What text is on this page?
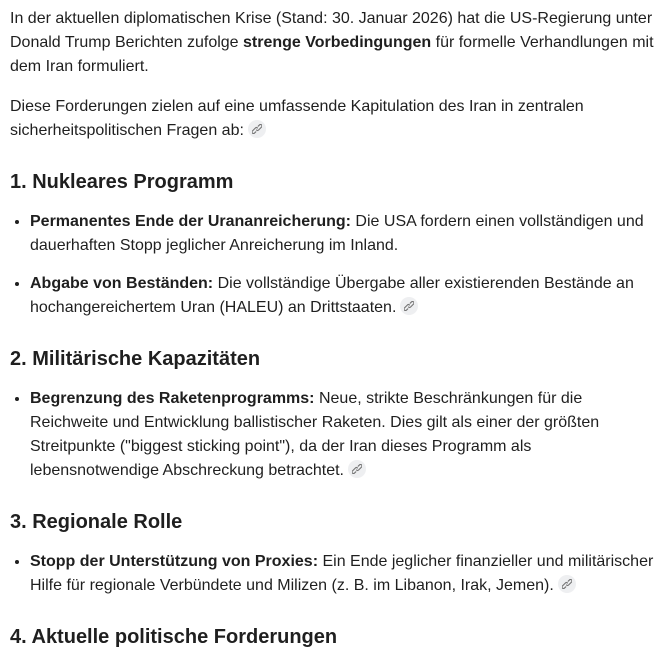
In der aktuellen diplomatischen Krise (Stand: 30. Januar 2026) hat die US-Regierung unter Donald Trump Berichten zufolge strenge Vorbedingungen für formelle Verhandlungen mit dem Iran formuliert.

Diese Forderungen zielen auf eine umfassende Kapitulation des Iran in zentralen sicherheitspolitischen Fragen ab:

1. Nukleares Programm
• Permanentes Ende der Urananreicherung: Die USA fordern einen vollständigen und dauerhaften Stopp jeglicher Anreicherung im Inland.
• Abgabe von Beständen: Die vollständige Übergabe aller existierenden Bestände an hochangereichertem Uran (HALEU) an Drittstaaten.
2. Militärische Kapazitäten
• Begrenzung des Raketenprogramms: Neue, strikte Beschränkungen für die Reichweite und Entwicklung ballistischer Raketen. Dies gilt als einer der größten Streitpunkte ("biggest sticking point"), da der Iran dieses Programm als lebensnotwendige Abschreckung betrachtet.
3. Regionale Rolle
• Stopp der Unterstützung von Proxies: Ein Ende jeglicher finanzieller und militärischer Hilfe für regionale Verbündete und Milizen (z. B. im Libanon, Irak, Jemen).
4. Aktuelle politische Forderungen
